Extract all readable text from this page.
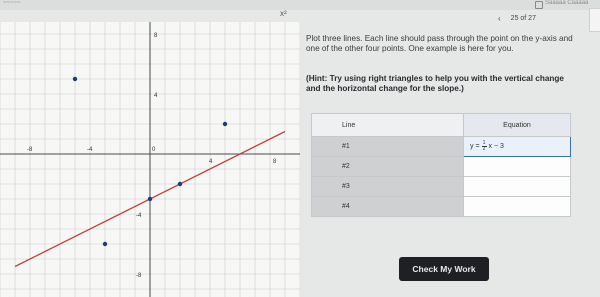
~~~~~	Saaaaa Caaaaa
x²
‹ 25 of 27
8
4
-4
-8
-8	-4	0
4	8
Plot three lines. Each line should pass through the point on the y-axis and one of the other four points. One example is here for you.
(Hint: Try using right triangles to help you with the vertical change and the horizontal change for the slope.)
Line	Equation
#1	$y = \frac{1}{2}$ x − 3

#2	
#3	
#4	
Check My Work
